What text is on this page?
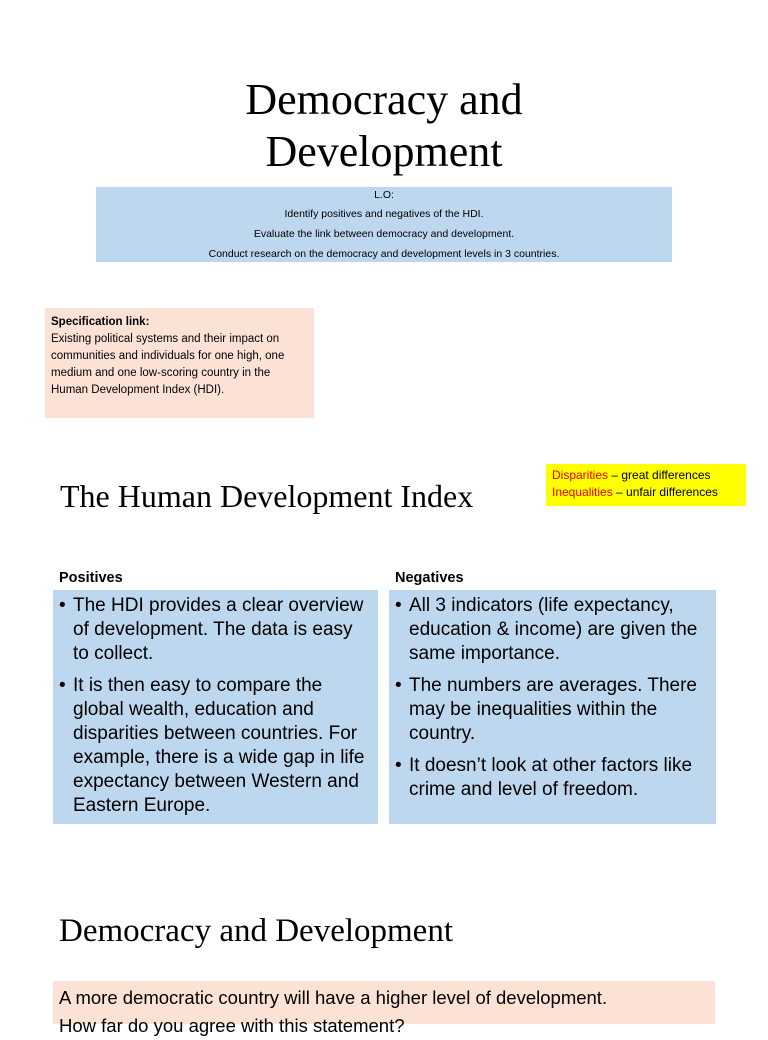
Democracy and
Development
L.O:
Identify positives and negatives of the HDI.
Evaluate the link between democracy and development.
Conduct research on the democracy and development levels in 3 countries.
Specification link:
Existing political systems and their impact on communities and individuals for one high, one medium and one low-scoring country in the Human Development Index (HDI).
The Human Development Index
Disparities – great differences
Inequalities – unfair differences
Positives
• The HDI provides a clear overview of development. The data is easy to collect.
• It is then easy to compare the global wealth, education and disparities between countries. For example, there is a wide gap in life expectancy between Western and Eastern Europe.
Negatives
• All 3 indicators (life expectancy, education & income) are given the same importance.
• The numbers are averages. There may be inequalities within the country.
• It doesn’t look at other factors like crime and level of freedom.
Democracy and Development
A more democratic country will have a higher level of development.
How far do you agree with this statement?
